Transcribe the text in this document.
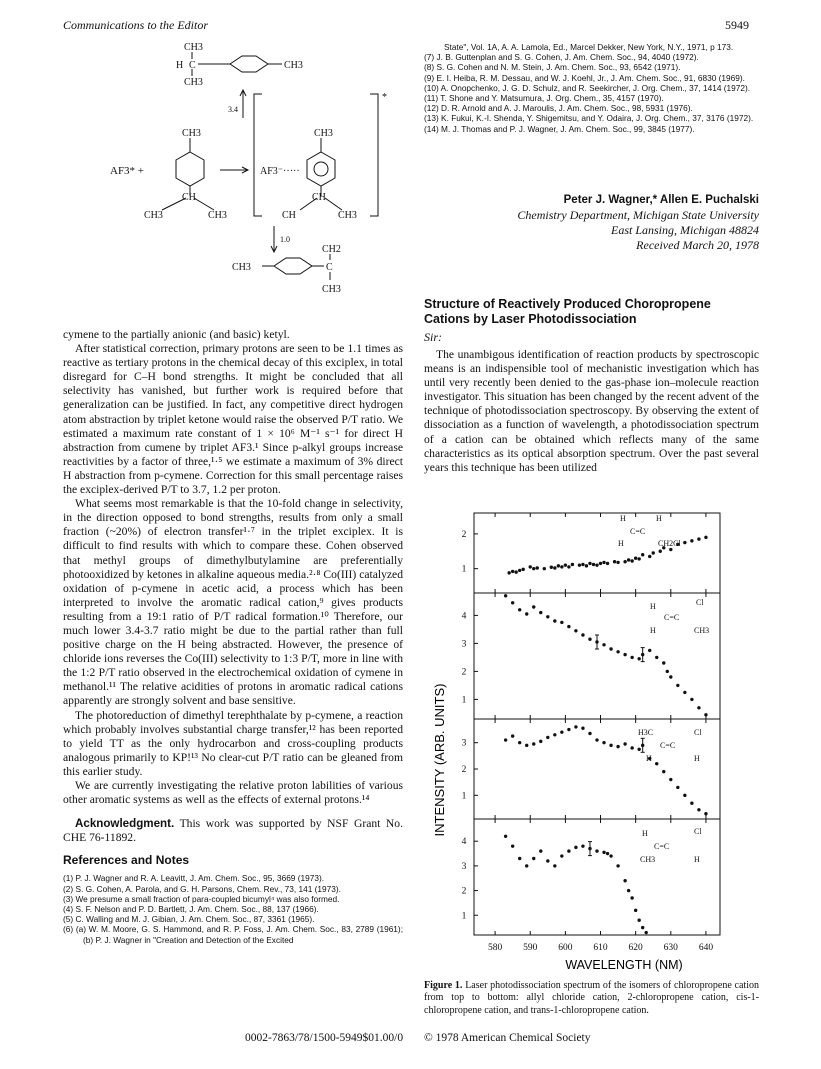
Communications to the Editor	5949
CH3
H C
CH3
CH3
3.4
CH3
AF3* +
CH
CH3	CH3
AF3⁻·····
CH3
CH
CH	CH3
*
1.0
CH2
CH3	C
CH3

cymene to the partially anionic (and basic) ketyl.

After statistical correction, primary protons are seen to be 1.1 times as reactive as tertiary protons in the chemical decay of this exciplex, in total disregard for C–H bond strengths. It might be concluded that all selectivity has vanished, but further work is required before that generalization can be justified. In fact, any competitive direct hydrogen atom abstraction by triplet ketone would raise the observed P/T ratio. We estimated a maximum rate constant of 1 × 10⁶ M⁻¹ s⁻¹ for direct H abstraction from cumene by triplet AF3.¹ Since p-alkyl groups increase reactivities by a factor of three,¹·⁵ we estimate a maximum of 3% direct H abstraction from p-cymene. Correction for this small percentage raises the exciplex-derived P/T to 3.7, 1.2 per proton.

What seems most remarkable is that the 10-fold change in selectivity, in the direction opposed to bond strengths, results from only a small fraction (~20%) of electron transfer¹·⁷ in the triplet exciplex. It is difficult to find results with which to compare these. Cohen observed that methyl groups of dimethylbutylamine are preferentially photooxidized by ketones in alkaline aqueous media.²·⁸ Co(III) catalyzed oxidation of p-cymene in acetic acid, a process which has been interpreted to involve the aromatic radical cation,⁹ gives products resulting from a 19:1 ratio of P/T radical formation.¹⁰ Therefore, our much lower 3.4-3.7 ratio might be due to the partial rather than full positive charge on the H being abstracted. However, the presence of chloride ions reverses the Co(III) selectivity to 1:3 P/T, more in line with the 1:2 P/T ratio observed in the electrochemical oxidation of cymene in methanol.¹¹ The relative acidities of protons in aromatic radical cations apparently are strongly solvent and base sensitive.

The photoreduction of dimethyl terephthalate by p-cymene, a reaction which probably involves substantial charge transfer,¹² has been reported to yield TT as the only hydrocarbon and cross-coupling products analogous primarily to KP!¹³ No clear-cut P/T ratio can be gleaned from this earlier study.

We are currently investigating the relative proton labilities of various other aromatic systems as well as the effects of external protons.¹⁴

Acknowledgment. This work was supported by NSF Grant No. CHE 76-11892.

References and Notes
(1) P. J. Wagner and R. A. Leavitt, J. Am. Chem. Soc., 95, 3669 (1973).
(2) S. G. Cohen, A. Parola, and G. H. Parsons, Chem. Rev., 73, 141 (1973).
(3) We presume a small fraction of para-coupled bicumyl⁴ was also formed.
(4) S. F. Nelson and P. D. Bartlett, J. Am. Chem. Soc., 88, 137 (1966).
(5) C. Walling and M. J. Gibian, J. Am. Chem. Soc., 87, 3361 (1965).
(6) (a) W. M. Moore, G. S. Hammond, and R. P. Foss, J. Am. Chem. Soc., 83, 2789 (1961); (b) P. J. Wagner in "Creation and Detection of the Excited
State", Vol. 1A, A. A. Lamola, Ed., Marcel Dekker, New York, N.Y., 1971, p 173.
(7) J. B. Guttenplan and S. G. Cohen, J. Am. Chem. Soc., 94, 4040 (1972).
(8) S. G. Cohen and N. M. Stein, J. Am. Chem. Soc., 93, 6542 (1971).
(9) E. I. Heiba, R. M. Dessau, and W. J. Koehl, Jr., J. Am. Chem. Soc., 91, 6830 (1969).
(10) A. Onopchenko, J. G. D. Schulz, and R. Seekircher, J. Org. Chem., 37, 1414 (1972).
(11) T. Shone and Y. Matsumura, J. Org. Chem., 35, 4157 (1970).
(12) D. R. Arnold and A. J. Maroulis, J. Am. Chem. Soc., 98, 5931 (1976).
(13) K. Fukui, K.-I. Shenda, Y. Shigemitsu, and Y. Odaira, J. Org. Chem., 37, 3176 (1972).
(14) M. J. Thomas and P. J. Wagner, J. Am. Chem. Soc., 99, 3845 (1977).
Peter J. Wagner,* Allen E. Puchalski
Chemistry Department, Michigan State University
East Lansing, Michigan 48824
Received March 20, 1978
Structure of Reactively Produced Choropropene Cations by Laser Photodissociation
Sir:

The unambigous identification of reaction products by spectroscopic means is an indispensible tool of mechanistic investigation which has until very recently been denied to the gas-phase ion–molecule reaction investigator. This situation has been changed by the recent advent of the technique of photodissociation spectroscopy. By observing the extent of dissociation as a function of wavelength, a photodissociation spectrum of a cation can be obtained which reflects many of the same characteristics as its optical absorption spectrum. Over the past several years this technique has been utilized

1
2
1
2
3
4
1
2
3
1
2
3
4
580 590 600 610 620 630 640
H	H
C=C
H	CH2Cl
H	Cl
C=C
H	CH3
H3C	Cl
C=C
H	H
H	Cl
C=C
CH3	H
WAVELENGTH (NM)
INTENSITY (ARB. UNITS)
Figure 1. Laser photodissociation spectrum of the isomers of chloropropene cation from top to bottom: allyl chloride cation, 2-chloropropene cation, cis-1-chloropropene cation, and trans-1-chloropropene cation.
0002-7863/78/1500-5949$01.00/0 © 1978 American Chemical Society
